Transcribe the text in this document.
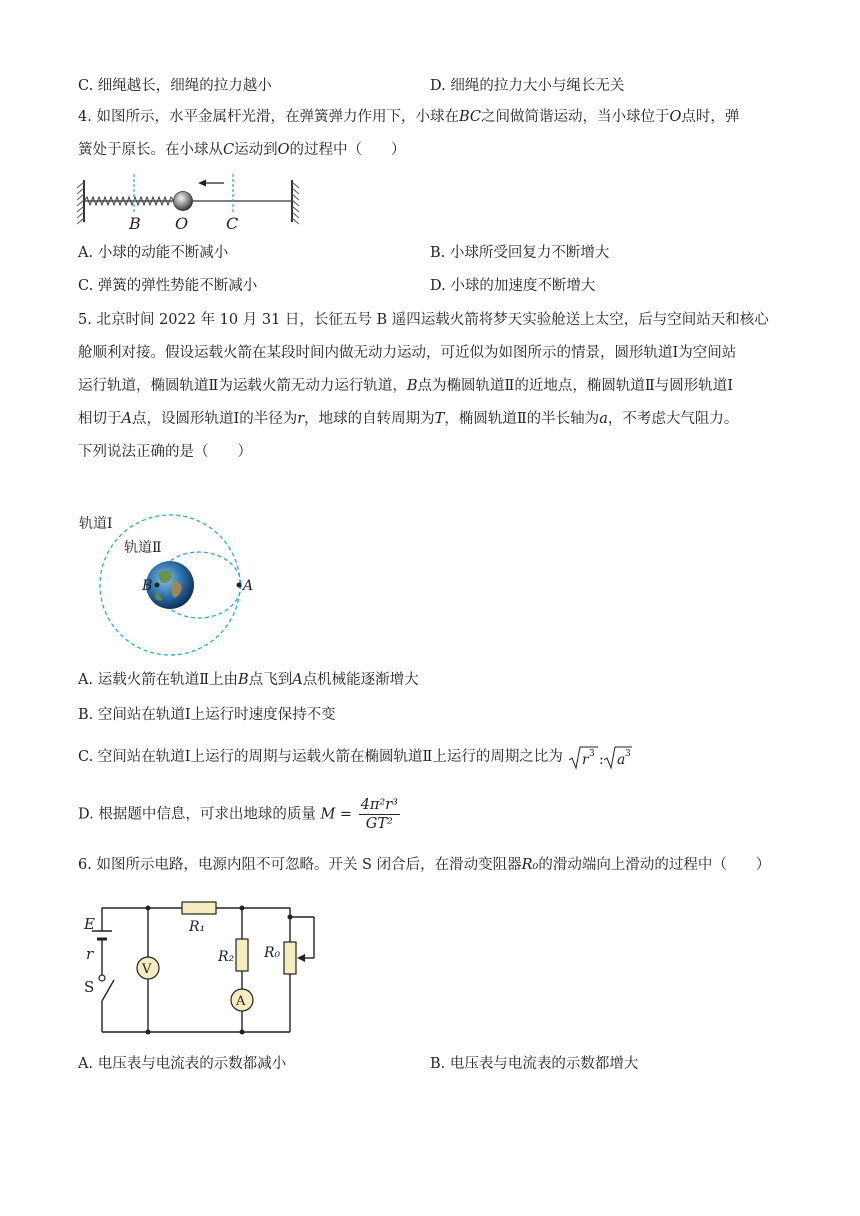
C. 细绳越长，细绳的拉力越小	D. 细绳的拉力大小与绳长无关
4. 如图所示，水平金属杆光滑，在弹簧弹力作用下，小球在BC之间做简谐运动，当小球位于O点时，弹
簧处于原长。在小球从C运动到O的过程中（　　）
B O C
A. 小球的动能不断减小	B. 小球所受回复力不断增大
C. 弹簧的弹性势能不断减小	D. 小球的加速度不断增大
5. 北京时间 2022 年 10 月 31 日，长征五号 B 遥四运载火箭将梦天实验舱送上太空，后与空间站天和核心
舱顺利对接。假设运载火箭在某段时间内做无动力运动，可近似为如图所示的情景，圆形轨道Ⅰ为空间站
运行轨道，椭圆轨道Ⅱ为运载火箭无动力运行轨道，B点为椭圆轨道Ⅱ的近地点，椭圆轨道Ⅱ与圆形轨道Ⅰ
相切于A点，设圆形轨道Ⅰ的半径为r，地球的自转周期为T，椭圆轨道Ⅱ的半长轴为a，不考虑大气阻力。
下列说法正确的是（　　）
轨道Ⅰ
轨道Ⅱ
B	A
A. 运载火箭在轨道Ⅱ上由B点飞到A点机械能逐渐增大
B. 空间站在轨道Ⅰ上运行时速度保持不变
C. 空间站在轨道Ⅰ上运行的周期与运载火箭在椭圆轨道Ⅱ上运行的周期之比为 r 3 : a 3
D. 根据题中信息，可求出地球的质量 $M = \frac{\text{4π²r³}}{\text{GT²}}$
6. 如图所示电路，电源内阻不可忽略。开关 S 闭合后，在滑动变阻器R₀的滑动端向上滑动的过程中（　　）
V
A
E
r
S
R₁
R₂ R₀
A. 电压表与电流表的示数都减小	B. 电压表与电流表的示数都增大
